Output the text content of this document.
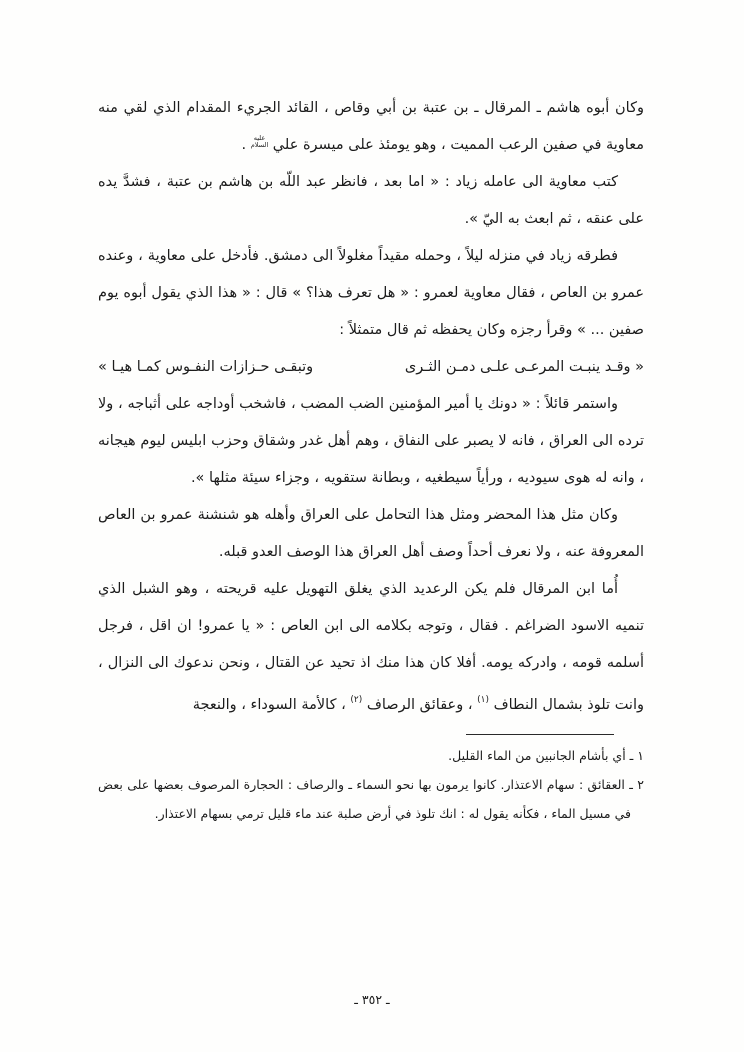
وكان أبوه هاشم ـ المرقال ـ بن عتبة بن أبي وقاص ، القائد الجريء المقدام الذي لقي منه معاوية في صفين الرعب المميت ، وهو يومئذ على ميسرة علي
عليه
السلام
.

كتب معاوية الى عامله زياد : « اما بعد ، فانظر عبد اللّه بن هاشم بن عتبة ، فشدَّ يده على عنقه ، ثم ابعث به اليّ ».

فطرقه زياد في منزله ليلاً ، وحمله مقيداً مغلولاً الى دمشق. فأدخل على معاوية ، وعنده عمرو بن العاص ، فقال معاوية لعمرو : « هل تعرف هذا؟ » قال : « هذا الذي يقول أبوه يوم صفين ... » وقرأ رجزه وكان يحفظه ثم قال متمثلاً :

« وقـد ينبـت المرعـى علـى دمـن الثـرى
وتبقـى حـزازات النفـوس كمـا هيـا »

واستمر قائلاً : « دونك يا أمير المؤمنين الضب المضب ، فاشخب أوداجه على أثباجه ، ولا ترده الى العراق ، فانه لا يصبر على النفاق ، وهم أهل غدر وشقاق وحزب ابليس ليوم هيجانه ، وانه له هوى سيوديه ، ورأياً سيطغيه ، وبطانة ستقويه ، وجزاء سيئة مثلها ».

وكان مثل هذا المحضر ومثل هذا التحامل على العراق وأهله هو شنشنة عمرو بن العاص المعروفة عنه ، ولا نعرف أحداً وصف أهل العراق هذا الوصف العدو قبله.

أُما ابن المرقال فلم يكن الرعديد الذي يغلق التهويل عليه قريحته ، وهو الشبل الذي تنميه الاسود الضراغم . فقال ، وتوجه بكلامه الى ابن العاص : « يا عمرو! ان اقل ، فرجل أسلمه قومه ، وادركه يومه. أفلا كان هذا منك اذ تحيد عن القتال ، ونحن ندعوك الى النزال ، وانت تلوذ بشمال النطاف $^{(١)}$ ، وعقائق الرصاف $^{(٢)}$ ، كالأمة السوداء ، والنعجة

١ ـ أي بأشام الجانبين من الماء القليل.

٢ ـ العقائق : سهام الاعتذار. كانوا يرمون بها نحو السماء ـ والرصاف : الحجارة المرصوف بعضها على بعض في مسيل الماء ، فكأنه يقول له : انك تلوذ في أرض صلبة عند ماء قليل ترمي بسهام الاعتذار.

ـ ٣٥٢ ـ
